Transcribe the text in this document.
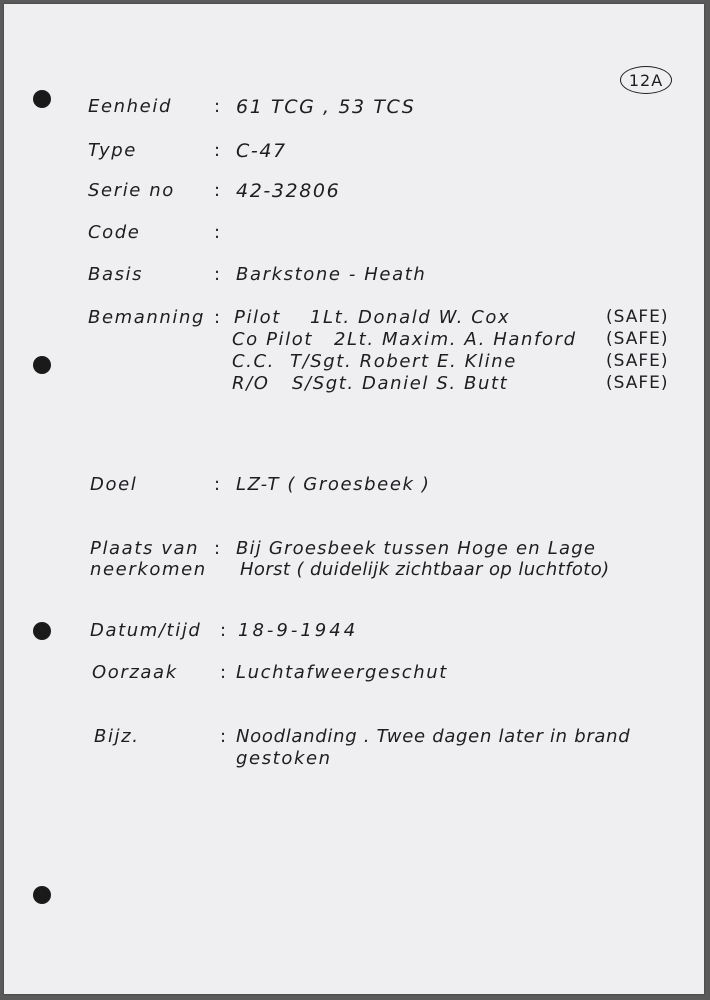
12A
Eenheid : 61 TCG , 53 TCS
Type	: C-47
Serie no : 42-32806
Code	:
Basis	: Barkstone - Heath
Bemanning : Pilot 1Lt. Donald W. Cox	(SAFE)
Co Pilot 2Lt. Maxim. A. Hanford (SAFE)
C.C. T/Sgt. Robert E. Kline	(SAFE)
R/O S/Sgt. Daniel S. Butt	(SAFE)
Doel	: LZ-T ( Groesbeek )
Plaats van
neerkomen
: Bij Groesbeek tussen Hoge en Lage
Horst ( duidelijk zichtbaar op luchtfoto)
Datum/tijd : 18-9-1944
Oorzaak : Luchtafweergeschut
Bijz.	: Noodlanding . Twee dagen later in brand
gestoken
